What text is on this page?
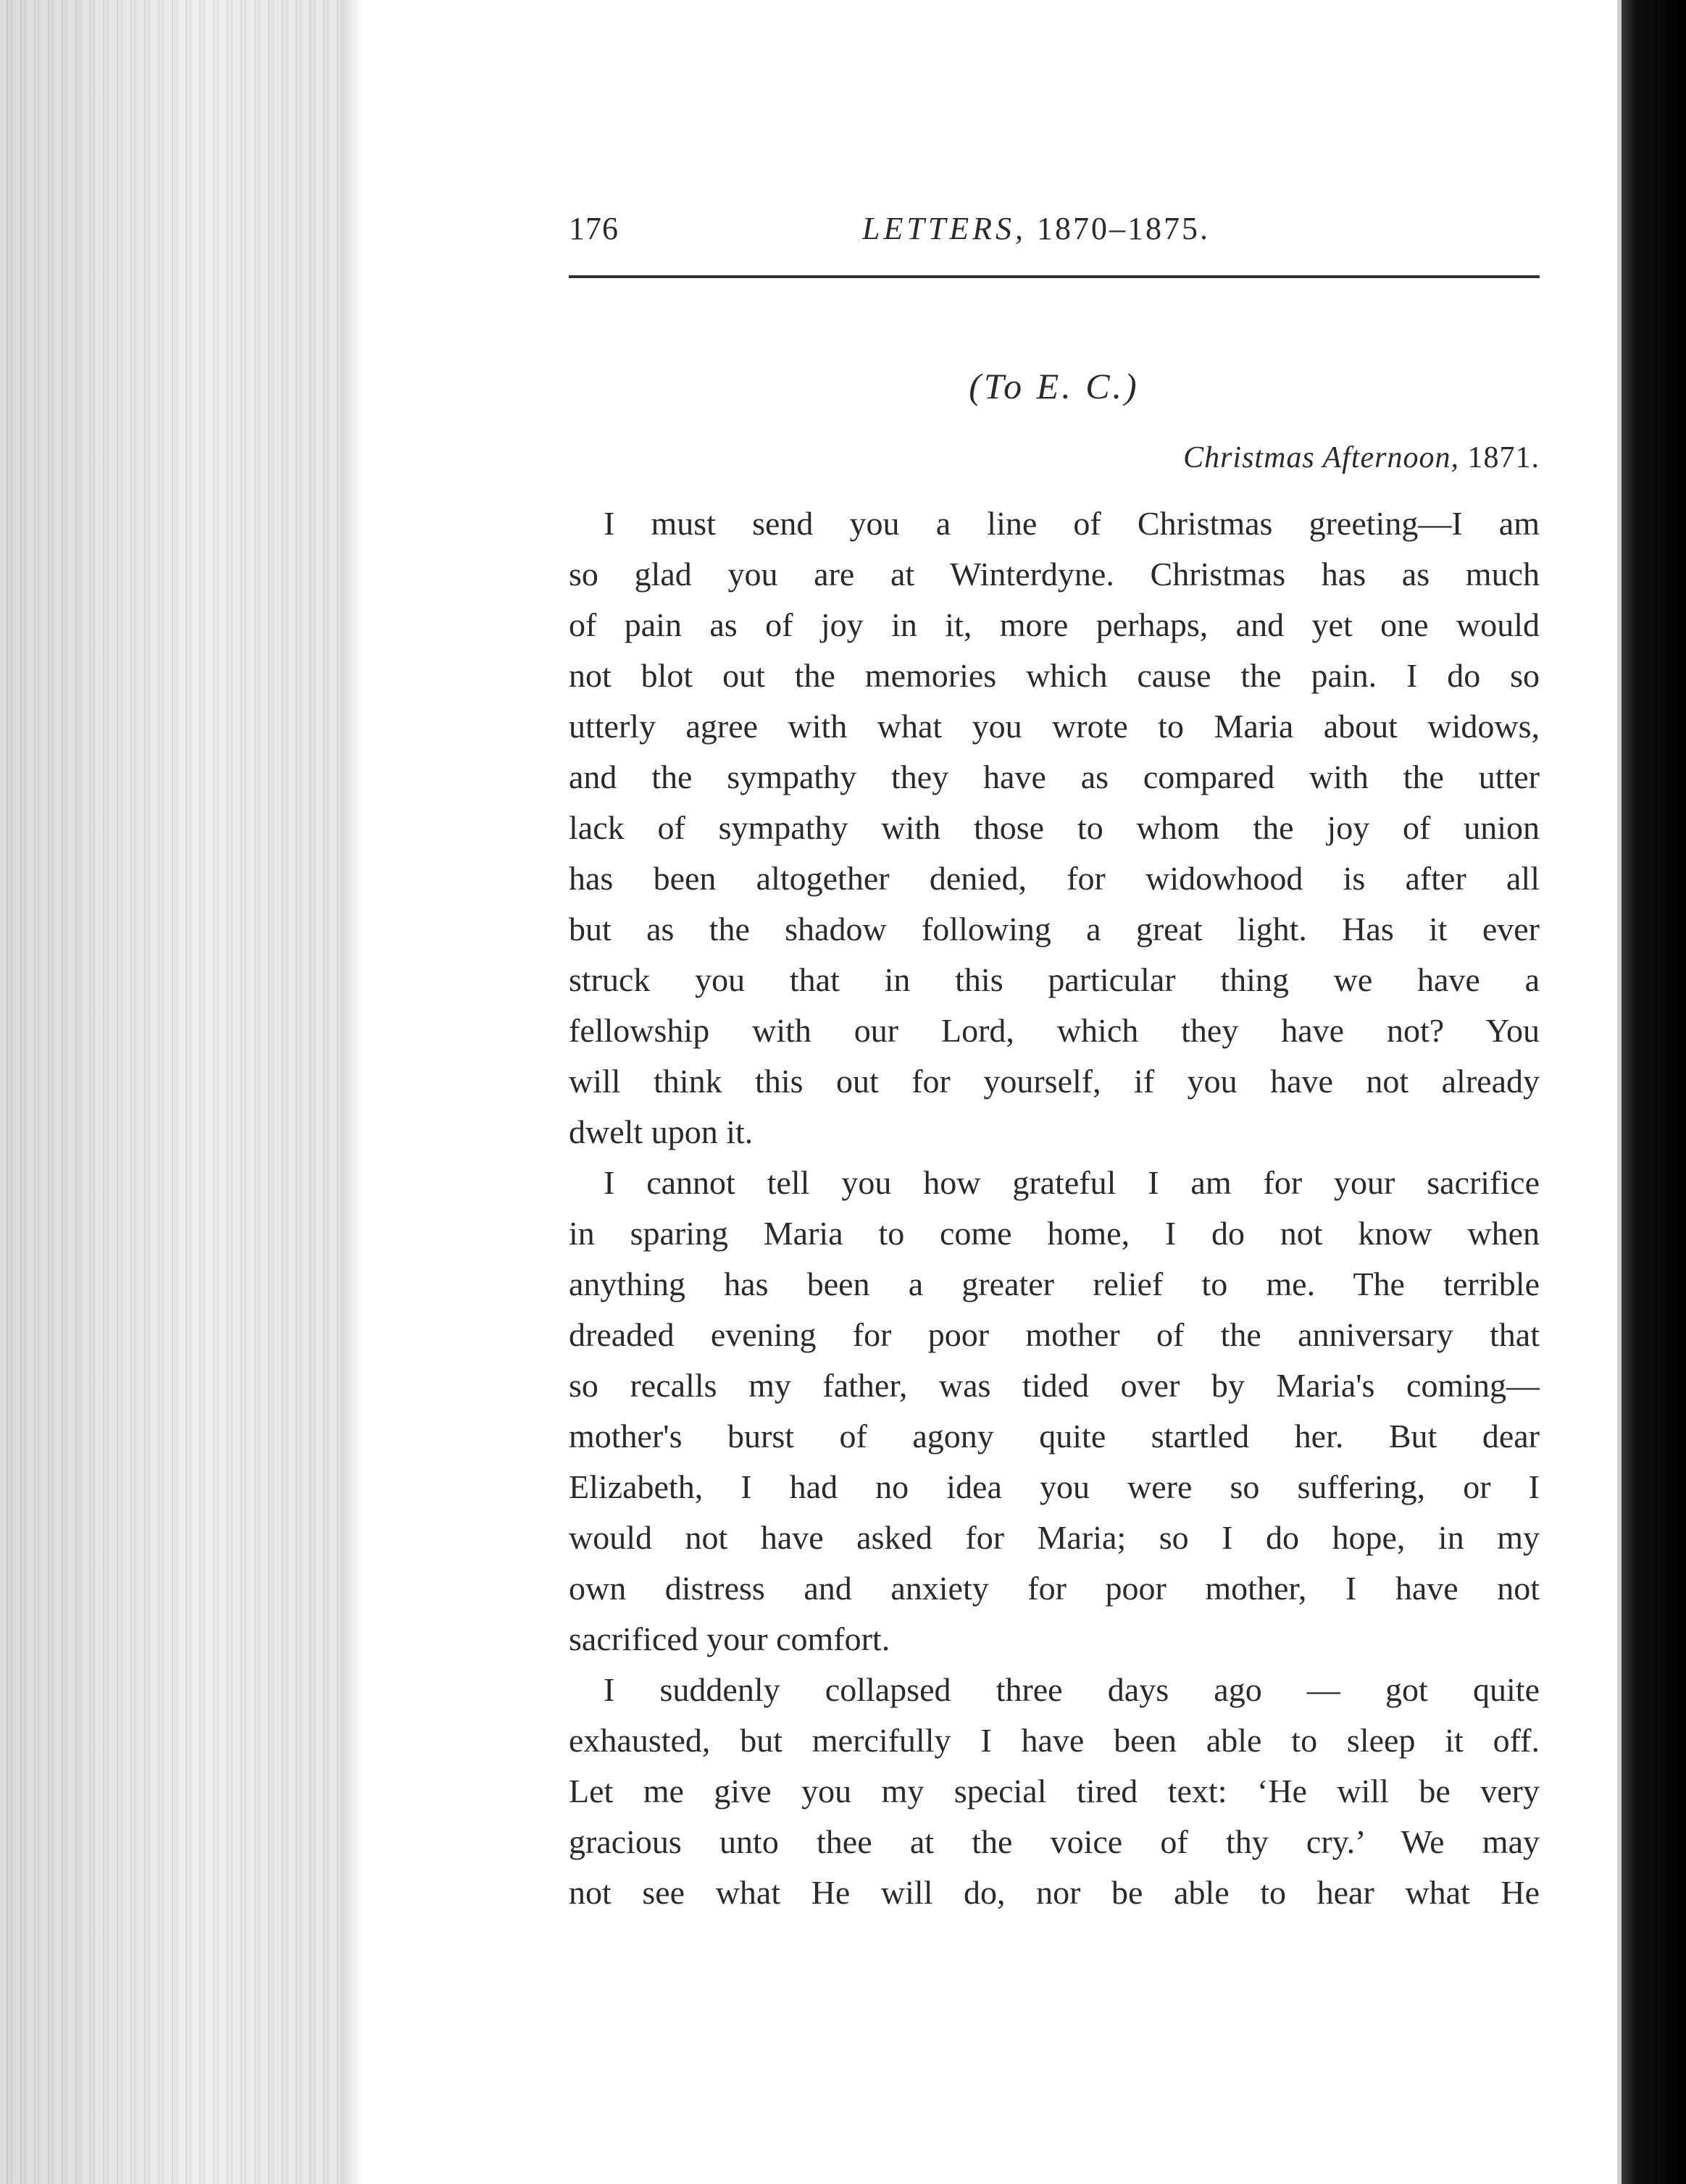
176	LETTERS, 1870–1875.
(To E. C.)
Christmas Afternoon, 1871.
I must send you a line of Christmas greeting—I am
so glad you are at Winterdyne. Christmas has as much
of pain as of joy in it, more perhaps, and yet one would
not blot out the memories which cause the pain. I do so
utterly agree with what you wrote to Maria about widows,
and the sympathy they have as compared with the utter
lack of sympathy with those to whom the joy of union
has been altogether denied, for widowhood is after all
but as the shadow following a great light. Has it ever
struck you that in this particular thing we have a
fellowship with our Lord, which they have not? You
will think this out for yourself, if you have not already
dwelt upon it.
I cannot tell you how grateful I am for your sacrifice
in sparing Maria to come home, I do not know when
anything has been a greater relief to me. The terrible
dreaded evening for poor mother of the anniversary that
so recalls my father, was tided over by Maria's coming—
mother's burst of agony quite startled her. But dear
Elizabeth, I had no idea you were so suffering, or I
would not have asked for Maria; so I do hope, in my
own distress and anxiety for poor mother, I have not
sacrificed your comfort.
I suddenly collapsed three days ago — got quite
exhausted, but mercifully I have been able to sleep it off.
Let me give you my special tired text: ‘He will be very
gracious unto thee at the voice of thy cry.’ We may
not see what He will do, nor be able to hear what He
